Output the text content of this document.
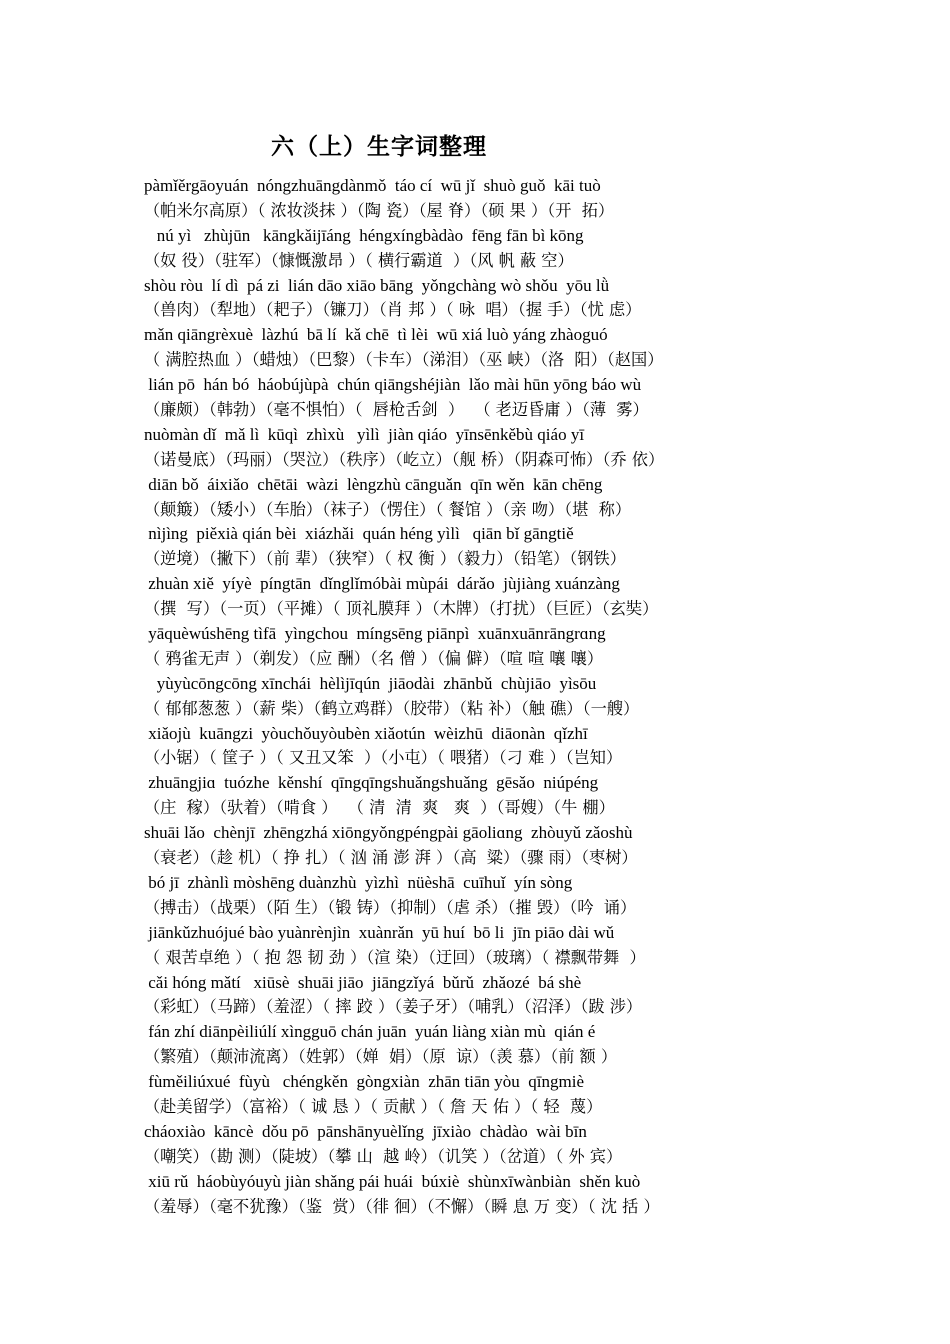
六（上）生字词整理
pàmǐěrgāoyuán  nóngzhuāngdànmǒ  táo cí  wū jǐ  shuò guǒ  kāi tuò
（帕米尔高原）（ 浓妆淡抹 ）（陶 瓷）（屋 脊）（硕 果 ）（开  拓）
nú yì   zhùjūn   kāngkǎijīáng  héngxíngbàdào  fēng fān bì kōng
（奴 役）（驻军）（慷慨激昂 ）（ 横行霸道  ）（风 帆 蔽 空）
shòu ròu  lí dì  pá zi  lián dāo xiāo bāng  yǒngchàng wò shǒu  yōu lǜ
（兽肉）（犁地）（耙子）（镰刀）（肖 邦 ）（ 咏  唱）（握 手）（忧 虑）
mǎn qiāngrèxuè  làzhú  bā lí  kǎ chē  tì lèi  wū xiá luò yáng zhàoguó
（ 满腔热血 ）（蜡烛）（巴黎）（卡车）（涕泪）（巫 峡）（洛  阳）（赵国）
lián pō  hán bó  háobújùpà  chún qiāngshéjiàn  lǎo mài hūn yōng báo wù
（廉颇）（韩勃）（毫不惧怕）（  唇枪舌剑  ）  （ 老迈昏庸 ）（薄  雾）
nuòmàn dǐ  mǎ lì  kūqì  zhìxù   yìlì  jiàn qiáo  yīnsēnkěbù qiáo yī
（诺曼底）（玛丽）（哭泣）（秩序）（屹立）（舰 桥）（阴森可怖）（乔 依）
diān bǒ  áixiǎo  chētāi  wàzi  lèngzhù cānguǎn  qīn wěn  kān chēng
（颠簸）（矮小）（车胎）（袜子）（愣住）（ 餐馆 ）（亲 吻）（堪  称）
nìjìng  piěxià qián bèi  xiázhǎi  quán héng yìlì   qiān bǐ gāngtiě
（逆境）（撇下）（前 辈）（狭窄）（ 权 衡 ）（毅力）（铅笔）（钢铁）
zhuàn xiě  yíyè  píngtān  dǐnglǐmóbài mùpái  dárǎo  jùjiàng xuánzàng
（撰  写）（一页）（平摊）（ 顶礼膜拜 ）（木牌）（打扰）（巨匠）（玄奘）
yāquèwúshēng tìfā  yìngchou  míngsēng piānpì  xuānxuānrāngrɑng
（ 鸦雀无声 ）（剃发）（应 酬）（名 僧 ）（偏 僻）（喧 喧 嚷 嚷）
yùyùcōngcōng xīnchái  hèlìjīqún  jiāodài  zhānbǔ  chùjiāo  yìsōu
（ 郁郁葱葱 ）（薪 柴）（鹤立鸡群）（胶带）（粘 补）（触 礁）（一艘）
xiǎojù  kuāngzi  yòuchǒuyòubèn xiǎotún  wèizhū  diāonàn  qǐzhī
（小锯）（ 筐子 ）（ 又丑又笨  ）（小屯）（ 喂猪）（刁 难 ）（岂知）
zhuāngjiɑ  tuózhe  kěnshí  qīngqīngshuǎngshuǎng  gēsǎo  niúpéng
（庄  稼）（驮着）（啃食 ）  （ 清  清  爽   爽  ）（哥嫂）（牛 棚）
shuāi lǎo  chènjī  zhēngzhá xiōngyǒngpéngpài gāoliɑng  zhòuyǔ zǎoshù
（衰老）（趁 机）（ 挣 扎）（ 汹 涌 澎 湃 ）（高  粱）（骤 雨）（枣树）
bó jī  zhànlì mòshēng duànzhù  yìzhì  nüèshā  cuīhuǐ  yín sòng
（搏击）（战栗）（陌 生）（锻 铸）（抑制）（虐 杀）（摧 毁）（吟  诵）
jiānkǔzhuójué bào yuànrènjìn  xuànrǎn  yū huí  bō li  jīn piāo dài wǔ
（ 艰苦卓绝 ）（ 抱 怨 韧 劲 ）（渲 染）（迂回）（玻璃）（ 襟飘带舞  ）
cǎi hóng mǎtí   xiūsè  shuāi jiāo  jiāngzǐyá  bǔrǔ  zhǎozé  bá shè
（彩虹）（马蹄）（羞涩）（ 摔 跤 ）（姜子牙）（哺乳）（沼泽）（跋 涉）
fán zhí diānpèiliúlí xìngguō chán juān  yuán liàng xiàn mù  qián é
（繁殖）（颠沛流离）（姓郭）（婵  娟）（原  谅）（羡 慕）（前 额 ）
fùměiliúxué  fùyù   chéngkěn  gòngxiàn  zhān tiān yòu  qīngmiè
（赴美留学）（富裕）（ 诚 恳 ）（ 贡献 ）（ 詹 天 佑 ）（ 轻  蔑）
cháoxiào  kāncè  dǒu pō  pānshānyuèlǐng  jīxiào  chàdào  wài bīn
（嘲笑）（勘 测）（陡坡）（攀 山  越 岭）（讥笑 ）（岔道）（ 外 宾）
xiū rǔ  háobùyóuyù jiàn shǎng pái huái  búxiè  shùnxīwànbiàn  shěn kuò
（羞辱）（毫不犹豫）（鉴  赏）（徘 徊）（不懈）（瞬 息 万 变）（ 沈 括 ）
